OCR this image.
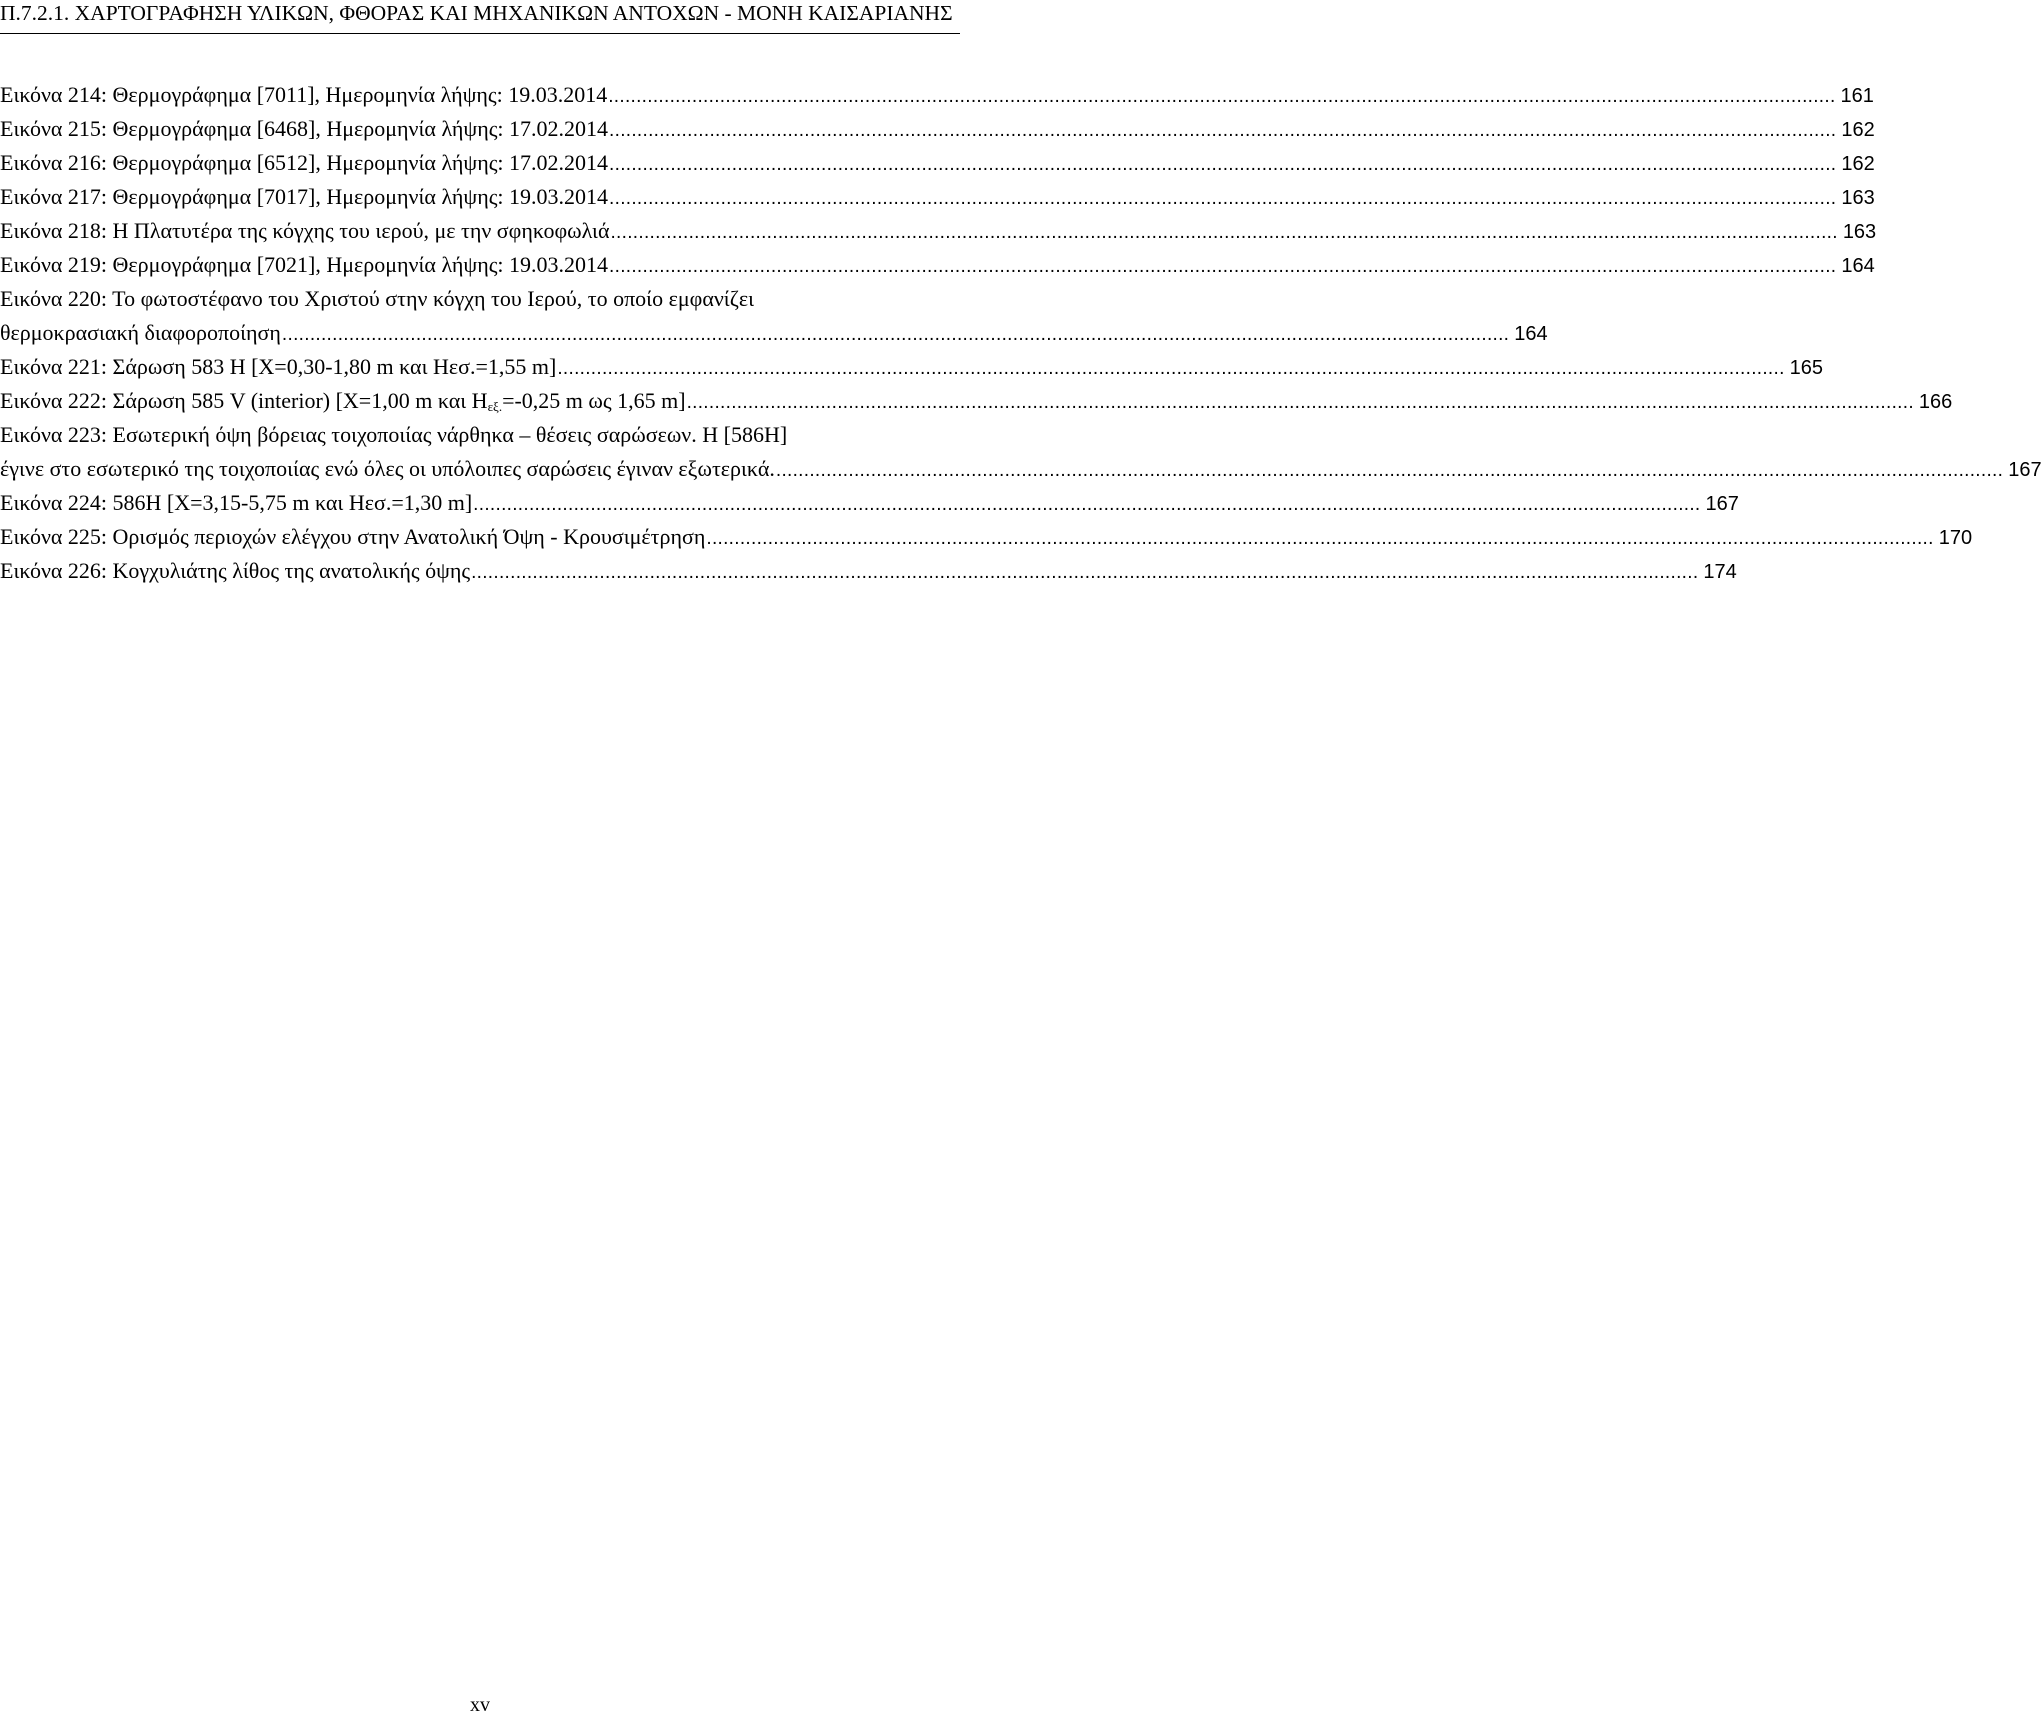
Π.7.2.1. ΧΑΡΤΟΓΡΑΦΗΣΗ ΥΛΙΚΩΝ, ΦΘΟΡΑΣ ΚΑΙ ΜΗΧΑΝΙΚΩΝ ΑΝΤΟΧΩΝ - ΜΟΝΗ ΚΑΙΣΑΡΙΑΝΗΣ
Εικόνα 214: Θερμογράφημα [7011], Ημερομηνία λήψης: 19.03.2014 ............................................................................................................................................................................................................................ 161
Εικόνα 215: Θερμογράφημα [6468], Ημερομηνία λήψης: 17.02.2014 ............................................................................................................................................................................................................................ 162
Εικόνα 216: Θερμογράφημα [6512], Ημερομηνία λήψης: 17.02.2014 ............................................................................................................................................................................................................................ 162
Εικόνα 217: Θερμογράφημα [7017], Ημερομηνία λήψης: 19.03.2014 ............................................................................................................................................................................................................................ 163
Εικόνα 218: Η Πλατυτέρα της κόγχης του ιερού, με την σφηκοφωλιά ............................................................................................................................................................................................................................ 163
Εικόνα 219: Θερμογράφημα [7021], Ημερομηνία λήψης: 19.03.2014 ............................................................................................................................................................................................................................ 164
Εικόνα 220: Το φωτοστέφανο του Χριστού στην κόγχη του Ιερού, το οποίο εμφανίζει
θερμοκρασιακή διαφοροποίηση ............................................................................................................................................................................................................................ 164
Εικόνα 221: Σάρωση 583 Η [Χ=0,30-1,80 m και Ηεσ.=1,55 m] ............................................................................................................................................................................................................................ 165
Εικόνα 222: Σάρωση 585 V (interior) [Χ=1,00 m και $H_{\varepsilon\xi.}=-0,25$ m ως 1,65 m] ............................................................................................................................................................................................................................ 166
Εικόνα 223: Εσωτερική όψη βόρειας τοιχοποιίας νάρθηκα – θέσεις σαρώσεων. Η [586Η]
έγινε στο εσωτερικό της τοιχοποιίας ενώ όλες οι υπόλοιπες σαρώσεις έγιναν εξωτερικά. ............................................................................................................................................................................................................................ 167
Εικόνα 224: 586Η [Χ=3,15-5,75 m και Ηεσ.=1,30 m] ............................................................................................................................................................................................................................ 167
Εικόνα 225: Ορισμός περιοχών ελέγχου στην Ανατολική Όψη - Κρουσιμέτρηση ............................................................................................................................................................................................................................ 170
Εικόνα 226: Κογχυλιάτης λίθος της ανατολικής όψης ............................................................................................................................................................................................................................ 174
xv
